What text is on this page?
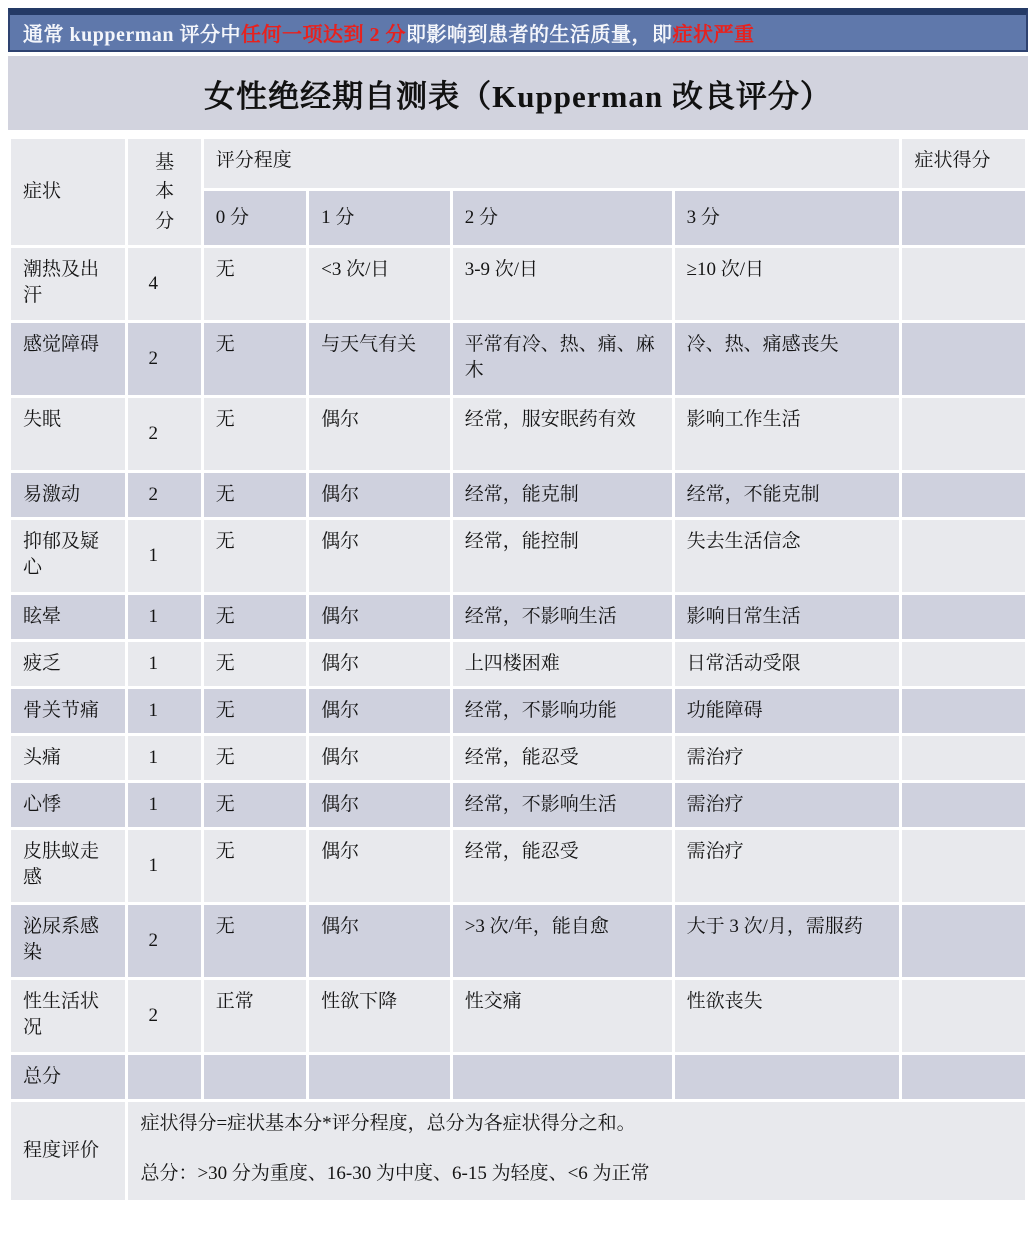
通常 kupperman 评分中 任何一项达到 2 分 即影响到患者的生活质量，即 症状严重
女性绝经期自测表（Kupperman 改良评分）
症状	基本分	评分程度				症状得分
		0 分	1 分	2 分	3 分	
潮热及出汗	4	无	<3 次/日	3-9 次/日	≥10 次/日	
感觉障碍	2	无	与天气有关	平常有冷、热、痛、麻木	冷、热、痛感丧失	
失眠	2	无	偶尔	经常，服安眠药有效	影响工作生活	
易激动	2	无	偶尔	经常，能克制	经常，不能克制	
抑郁及疑心	1	无	偶尔	经常，能控制	失去生活信念	
眩晕	1	无	偶尔	经常，不影响生活	影响日常生活	
疲乏	1	无	偶尔	上四楼困难	日常活动受限	
骨关节痛	1	无	偶尔	经常，不影响功能	功能障碍	
头痛	1	无	偶尔	经常，能忍受	需治疗	
心悸	1	无	偶尔	经常，不影响生活	需治疗	
皮肤蚁走感	1	无	偶尔	经常，能忍受	需治疗	
泌尿系感染	2	无	偶尔	>3 次/年，能自愈	大于 3 次/月，需服药	
性生活状况	2	正常	性欲下降	性交痛	性欲丧失	
总分						
程度评价	症状得分=症状基本分*评分程度，总分为各症状得分之和。

总分：>30 分为重度、16-30 为中度、6-15 为轻度、<6 为正常					
